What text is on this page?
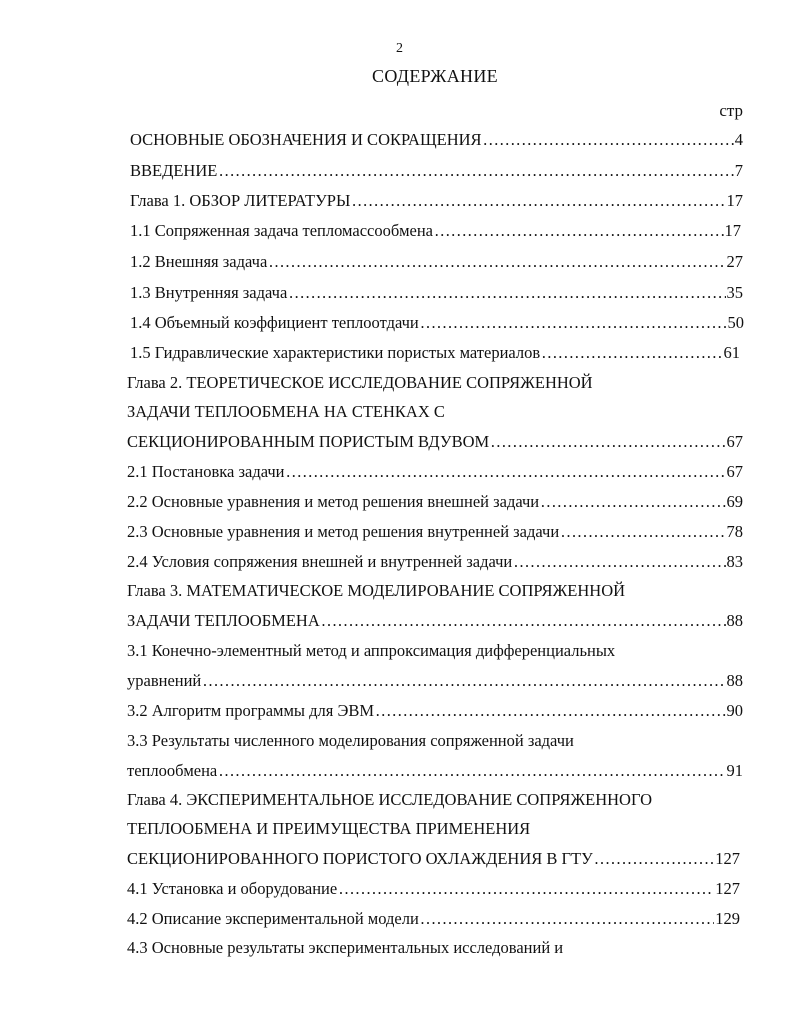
2
СОДЕРЖАНИЕ
стр
ОСНОВНЫЕ ОБОЗНАЧЕНИЯ И СОКРАЩЕНИЯ ……………………………………………………………………………………………………………………………………………………………………………………	4
ВВЕДЕНИЕ ……………………………………………………………………………………………………………………………………………………………………………………	7
Глава 1. ОБЗОР ЛИТЕРАТУРЫ ……………………………………………………………………………………………………………………………………………………………………………………	17
1.1 Сопряженная задача тепломассообмена ……………………………………………………………………………………………………………………………………………………………………………………	17
1.2 Внешняя задача ……………………………………………………………………………………………………………………………………………………………………………………	27
1.3 Внутренняя задача ……………………………………………………………………………………………………………………………………………………………………………………	35
1.4 Объемный коэффициент теплоотдачи ……………………………………………………………………………………………………………………………………………………………………………………	50
1.5 Гидравлические характеристики пористых материалов ……………………………………………………………………………………………………………………………………………………………………………………	61
Глава 2. ТЕОРЕТИЧЕСКОЕ ИССЛЕДОВАНИЕ СОПРЯЖЕННОЙ
ЗАДАЧИ ТЕПЛООБМЕНА НА СТЕНКАХ С
СЕКЦИОНИРОВАННЫМ ПОРИСТЫМ ВДУВОМ ……………………………………………………………………………………………………………………………………………………………………………………	67
2.1 Постановка задачи ……………………………………………………………………………………………………………………………………………………………………………………	67
2.2 Основные уравнения и метод решения внешней задачи ……………………………………………………………………………………………………………………………………………………………………………………	69
2.3 Основные уравнения и метод решения внутренней задачи ……………………………………………………………………………………………………………………………………………………………………………………	78
2.4 Условия сопряжения внешней и внутренней задачи ……………………………………………………………………………………………………………………………………………………………………………………	83
Глава 3. МАТЕМАТИЧЕСКОЕ МОДЕЛИРОВАНИЕ СОПРЯЖЕННОЙ
ЗАДАЧИ ТЕПЛООБМЕНА ……………………………………………………………………………………………………………………………………………………………………………………	88
3.1 Конечно-элементный метод и аппроксимация дифференциальных
уравнений ……………………………………………………………………………………………………………………………………………………………………………………	88
3.2 Алгоритм программы для ЭВМ ……………………………………………………………………………………………………………………………………………………………………………………	90
3.3 Результаты численного моделирования сопряженной задачи
теплообмена ……………………………………………………………………………………………………………………………………………………………………………………	91
Глава 4. ЭКСПЕРИМЕНТАЛЬНОЕ ИССЛЕДОВАНИЕ СОПРЯЖЕННОГО
ТЕПЛООБМЕНА И ПРЕИМУЩЕСТВА ПРИМЕНЕНИЯ
СЕКЦИОНИРОВАННОГО ПОРИСТОГО ОХЛАЖДЕНИЯ В ГТУ ……………………………………………………………………………………………………………………………………………………………………………………	127
4.1 Установка и оборудование ……………………………………………………………………………………………………………………………………………………………………………………	127
4.2 Описание экспериментальной модели ……………………………………………………………………………………………………………………………………………………………………………………	129
4.3 Основные результаты экспериментальных исследований и
